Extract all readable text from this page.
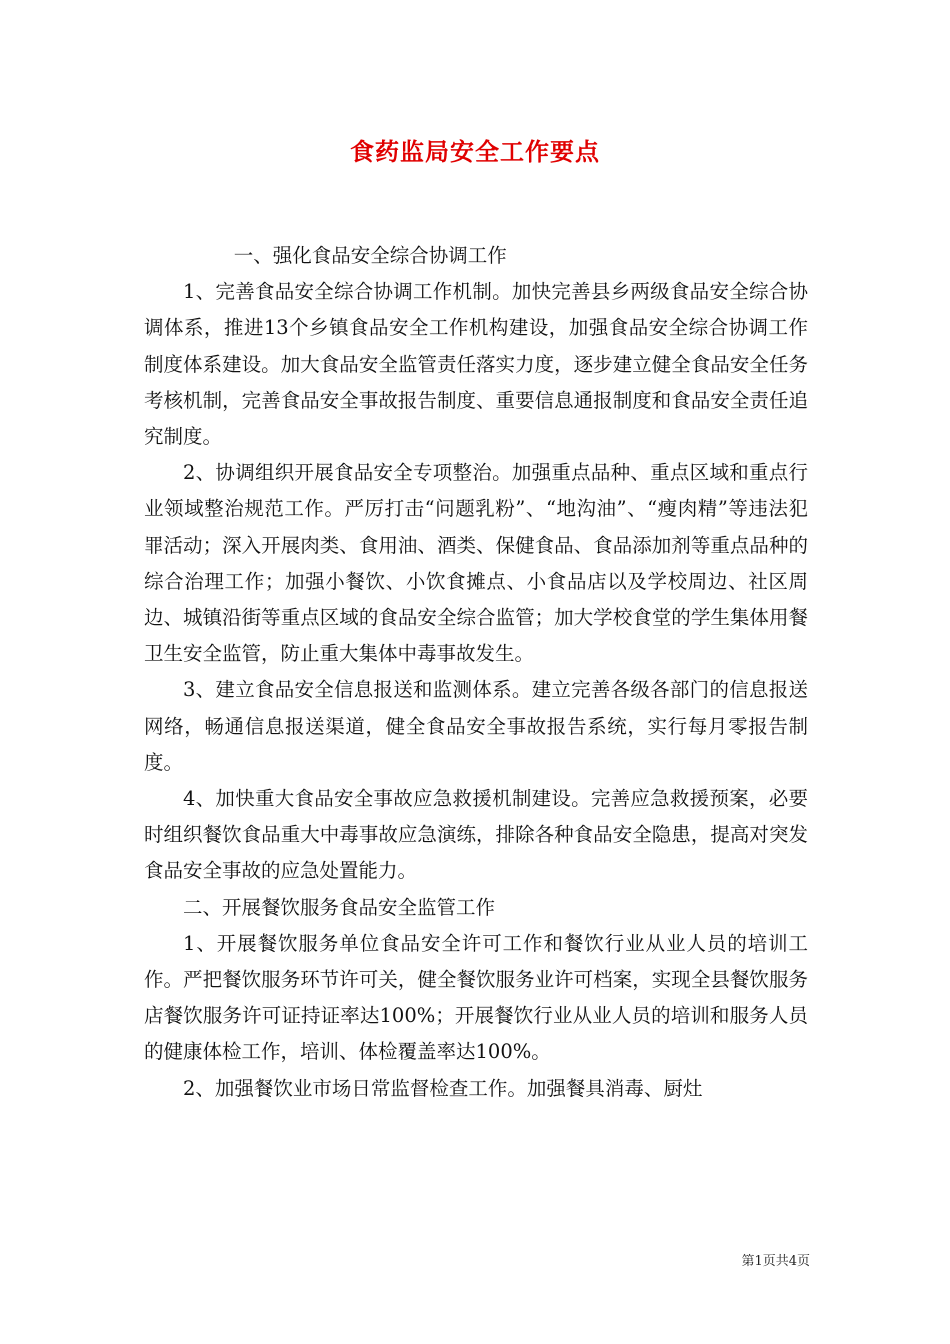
食药监局安全工作要点

一、强化食品安全综合协调工作

1、完善食品安全综合协调工作机制。加快完善县乡两级食品安全综合协调体系，推进13个乡镇食品安全工作机构建设，加强食品安全综合协调工作制度体系建设。加大食品安全监管责任落实力度，逐步建立健全食品安全任务考核机制，完善食品安全事故报告制度、重要信息通报制度和食品安全责任追究制度。

2、协调组织开展食品安全专项整治。加强重点品种、重点区域和重点行业领域整治规范工作。严厉打击“问题乳粉”、“地沟油”、“瘦肉精”等违法犯罪活动；深入开展肉类、食用油、酒类、保健食品、食品添加剂等重点品种的综合治理工作；加强小餐饮、小饮食摊点、小食品店以及学校周边、社区周边、城镇沿街等重点区域的食品安全综合监管；加大学校食堂的学生集体用餐卫生安全监管，防止重大集体中毒事故发生。

3、建立食品安全信息报送和监测体系。建立完善各级各部门的信息报送网络，畅通信息报送渠道，健全食品安全事故报告系统，实行每月零报告制度。

4、加快重大食品安全事故应急救援机制建设。完善应急救援预案，必要时组织餐饮食品重大中毒事故应急演练，排除各种食品安全隐患，提高对突发食品安全事故的应急处置能力。

二、开展餐饮服务食品安全监管工作

1、开展餐饮服务单位食品安全许可工作和餐饮行业从业人员的培训工作。严把餐饮服务环节许可关，健全餐饮服务业许可档案，实现全县餐饮服务店餐饮服务许可证持证率达100%；开展餐饮行业从业人员的培训和服务人员的健康体检工作，培训、体检覆盖率达100%。

2、加强餐饮业市场日常监督检查工作。加强餐具消毒、厨灶

第1页共4页
